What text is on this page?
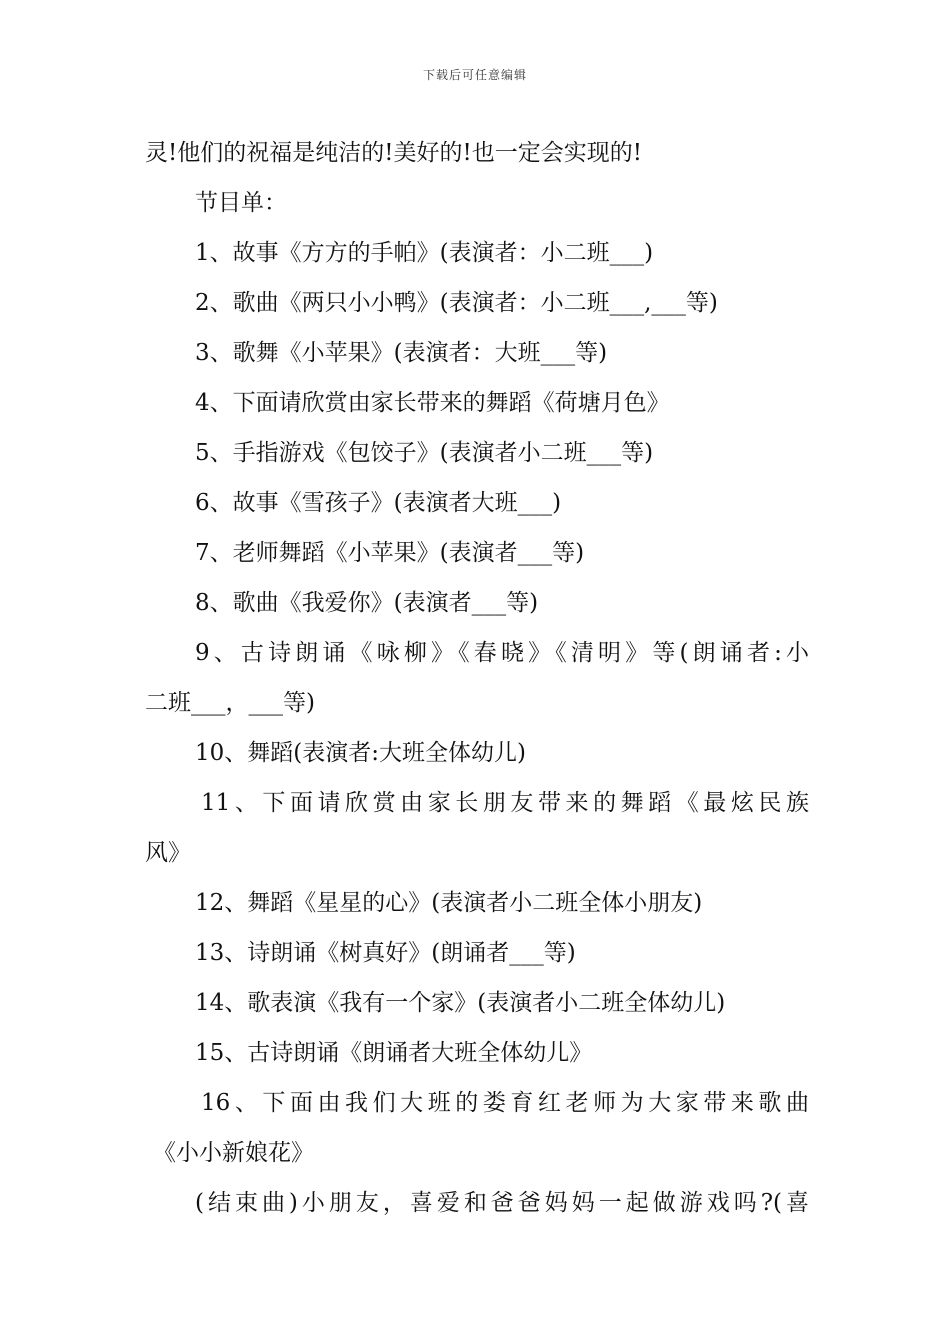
下载后可任意编辑
灵!他们的祝福是纯洁的!美好的!也一定会实现的!
节目单：
1、故事《方方的手帕》(表演者：小二班___)
2、歌曲《两只小小鸭》(表演者：小二班___,___等)
3、歌舞《小苹果》(表演者：大班___等)
4、下面请欣赏由家长带来的舞蹈《荷塘月色》
5、手指游戏《包饺子》(表演者小二班___等)
6、故事《雪孩子》(表演者大班___)
7、老师舞蹈《小苹果》(表演者___等)
8、歌曲《我爱你》(表演者___等)
9、古诗朗诵《咏柳》《春晓》《清明》等(朗诵者:小
二班___，___等)
10、舞蹈(表演者:大班全体幼儿)
11、下面请欣赏由家长朋友带来的舞蹈《最炫民族
风》
12、舞蹈《星星的心》(表演者小二班全体小朋友)
13、诗朗诵《树真好》(朗诵者___等)
14、歌表演《我有一个家》(表演者小二班全体幼儿)
15、古诗朗诵《朗诵者大班全体幼儿》
16、下面由我们大班的娄育红老师为大家带来歌曲
《小小新娘花》
(结束曲)小朋友，喜爱和爸爸妈妈一起做游戏吗?(喜
